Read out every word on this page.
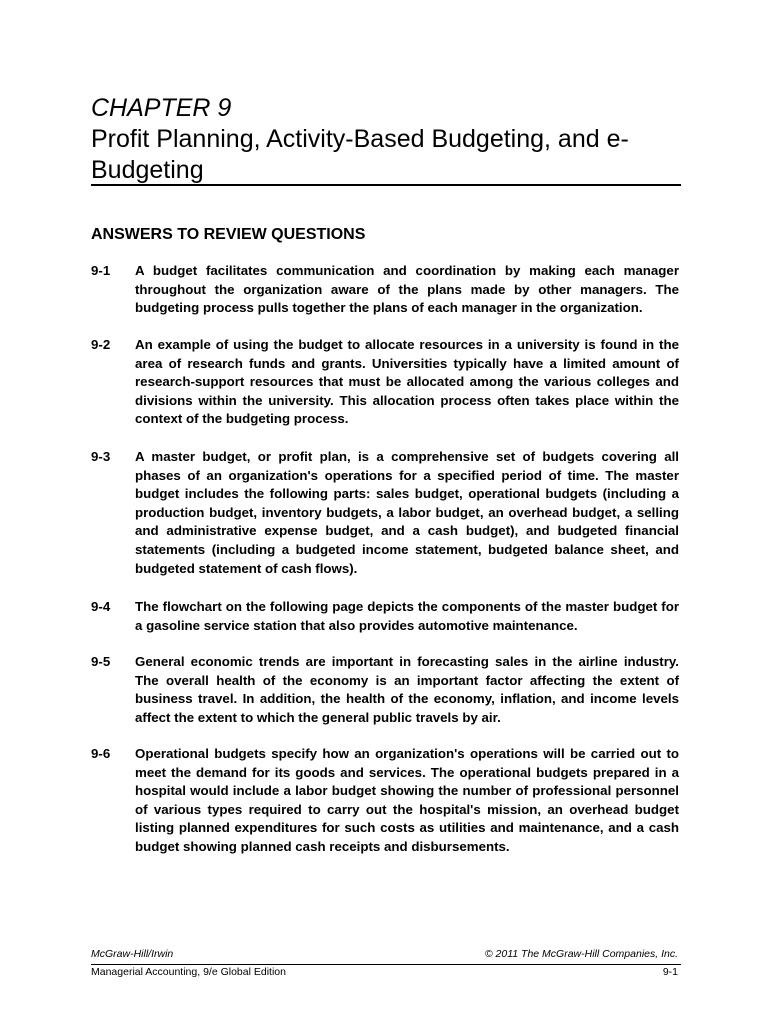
CHAPTER 9
Profit Planning, Activity-Based Budgeting, and e-Budgeting
ANSWERS TO REVIEW QUESTIONS
9-1	A budget facilitates communication and coordination by making each manager throughout the organization aware of the plans made by other managers. The budgeting process pulls together the plans of each manager in the organization.
9-2	An example of using the budget to allocate resources in a university is found in the area of research funds and grants. Universities typically have a limited amount of research-support resources that must be allocated among the various colleges and divisions within the university. This allocation process often takes place within the context of the budgeting process.
9-3	A master budget, or profit plan, is a comprehensive set of budgets covering all phases of an organization's operations for a specified period of time. The master budget includes the following parts: sales budget, operational budgets (including a production budget, inventory budgets, a labor budget, an overhead budget, a selling and administrative expense budget, and a cash budget), and budgeted financial statements (including a budgeted income statement, budgeted balance sheet, and budgeted statement of cash flows).
9-4	The flowchart on the following page depicts the components of the master budget for a gasoline service station that also provides automotive maintenance.
9-5	General economic trends are important in forecasting sales in the airline industry. The overall health of the economy is an important factor affecting the extent of business travel. In addition, the health of the economy, inflation, and income levels affect the extent to which the general public travels by air.
9-6	Operational budgets specify how an organization's operations will be carried out to meet the demand for its goods and services. The operational budgets prepared in a hospital would include a labor budget showing the number of professional personnel of various types required to carry out the hospital's mission, an overhead budget listing planned expenditures for such costs as utilities and maintenance, and a cash budget showing planned cash receipts and disbursements.
McGraw-Hill/Irwin	© 2011 The McGraw-Hill Companies, Inc.
Managerial Accounting, 9/e Global Edition	9-1
